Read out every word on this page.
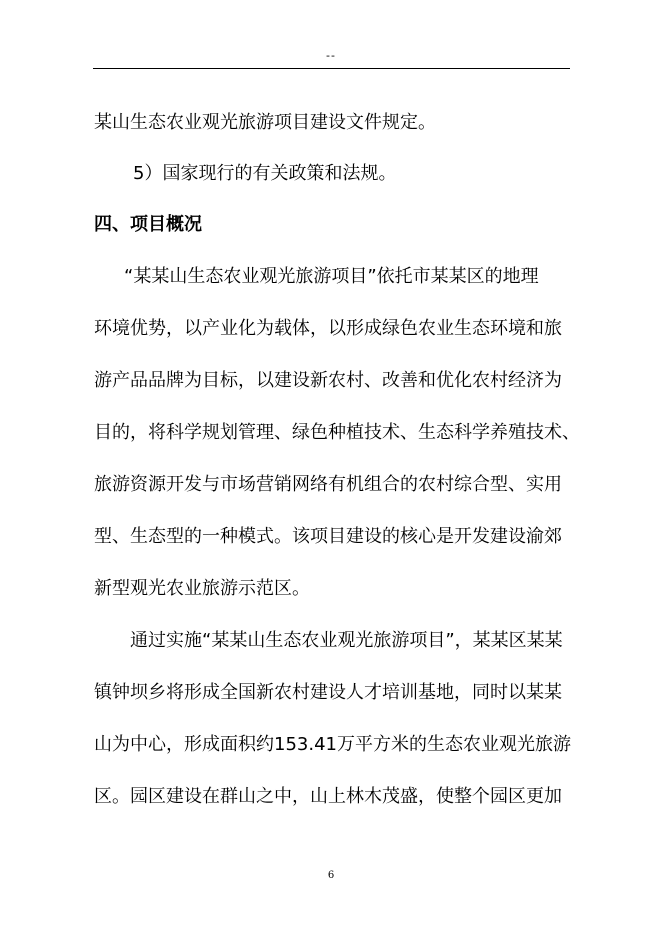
--
某山生态农业观光旅游项目建设文件规定。
5）国家现行的有关政策和法规。
四、项目概况
“某某山生态农业观光旅游项目”依托市某某区的地理
环境优势，以产业化为载体，以形成绿色农业生态环境和旅
游产品品牌为目标，以建设新农村、改善和优化农村经济为
目的，将科学规划管理、绿色种植技术、生态科学养殖技术、
旅游资源开发与市场营销网络有机组合的农村综合型、实用
型、生态型的一种模式。该项目建设的核心是开发建设渝郊
新型观光农业旅游示范区。
通过实施“某某山生态农业观光旅游项目”，某某区某某
镇钟坝乡将形成全国新农村建设人才培训基地，同时以某某
山为中心，形成面积约153.41万平方米的生态农业观光旅游
区。园区建设在群山之中，山上林木茂盛，使整个园区更加
6
